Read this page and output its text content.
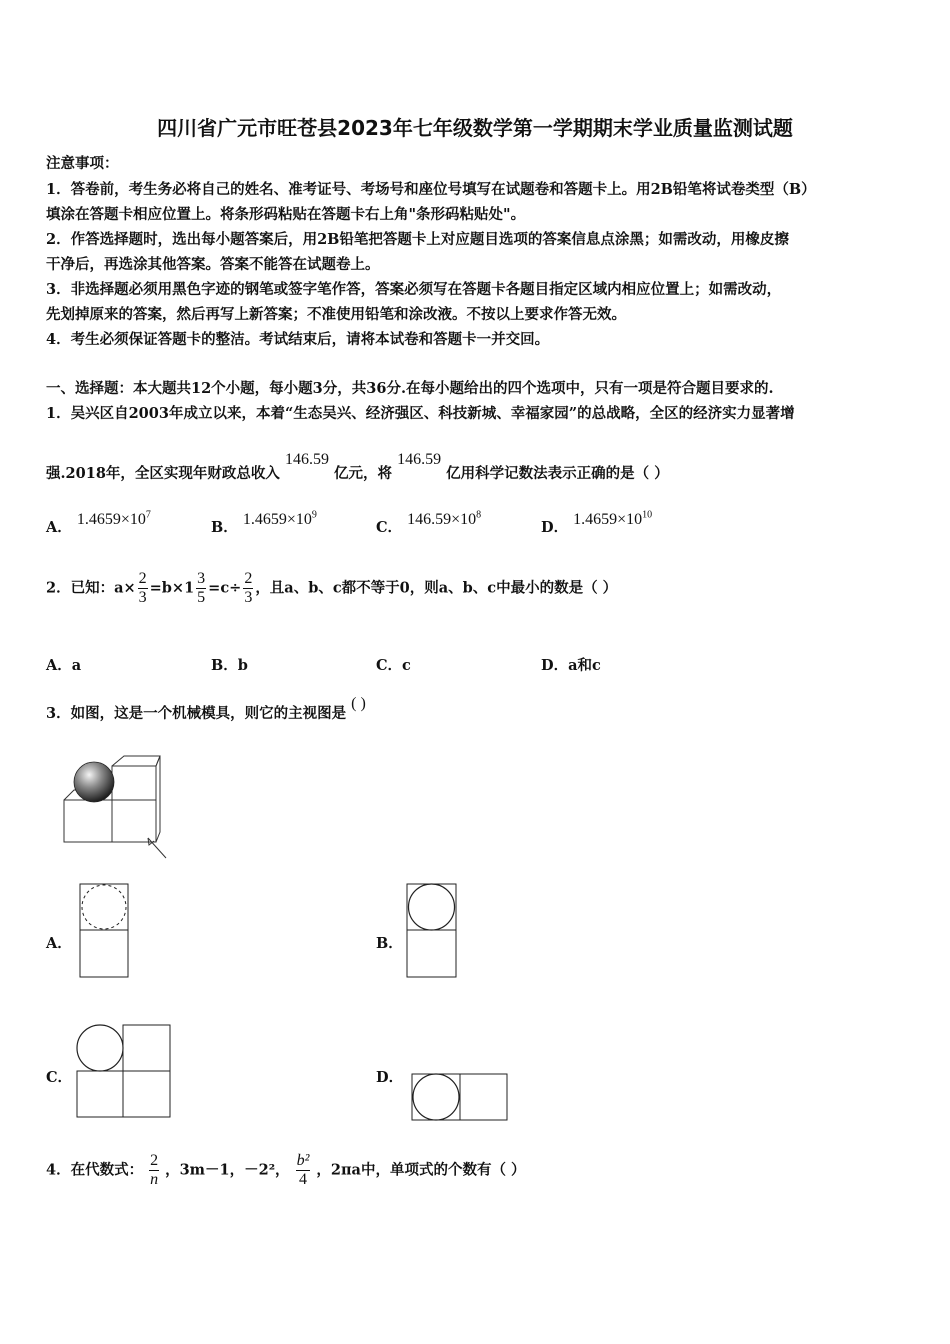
四川省广元市旺苍县2023年七年级数学第一学期期末学业质量监测试题
注意事项：
1．答卷前，考生务必将自己的姓名、准考证号、考场号和座位号填写在试题卷和答题卡上。用2B铅笔将试卷类型（B）
填涂在答题卡相应位置上。将条形码粘贴在答题卡右上角"条形码粘贴处"。
2．作答选择题时，选出每小题答案后，用2B铅笔把答题卡上对应题目选项的答案信息点涂黑；如需改动，用橡皮擦
干净后，再选涂其他答案。答案不能答在试题卷上。
3．非选择题必须用黑色字迹的钢笔或签字笔作答，答案必须写在答题卡各题目指定区域内相应位置上；如需改动，
先划掉原来的答案，然后再写上新答案；不准使用铅笔和涂改液。不按以上要求作答无效。
4．考生必须保证答题卡的整洁。考试结束后，请将本试卷和答题卡一并交回。
一、选择题：本大题共12个小题，每小题3分，共36分.在每小题给出的四个选项中，只有一项是符合题目要求的.
1．吴兴区自2003年成立以来，本着“生态吴兴、经济强区、科技新城、幸福家园”的总战略，全区的经济实力显著增
强.2018年，全区实现年财政总收入 146.59 亿元，将 146.59 亿用科学记数法表示正确的是（ ）
A． $1.4659\times 10^7$
B． $1.4659\times 10^9$
C． $146.59\times 10^8$
D． $1.4659\times 10^{10}$
2．已知：$a\times \frac{2}{3} =b\times 1 \frac{3}{5} =c\div \frac{2}{3}$ ，且a、b、c都不等于0，则a、b、c中最小的数是（ ）
A．a	B．b	C．c	D．a和c
3．如图，这是一个机械模具，则它的主视图是 ( )
A．	B．
C．	D．
4．在代数式： $\frac{2}{n}$ ，3m－1，－2²， $\frac{\text{b²}}{4}$ ，2πa中，单项式的个数有（ ）
